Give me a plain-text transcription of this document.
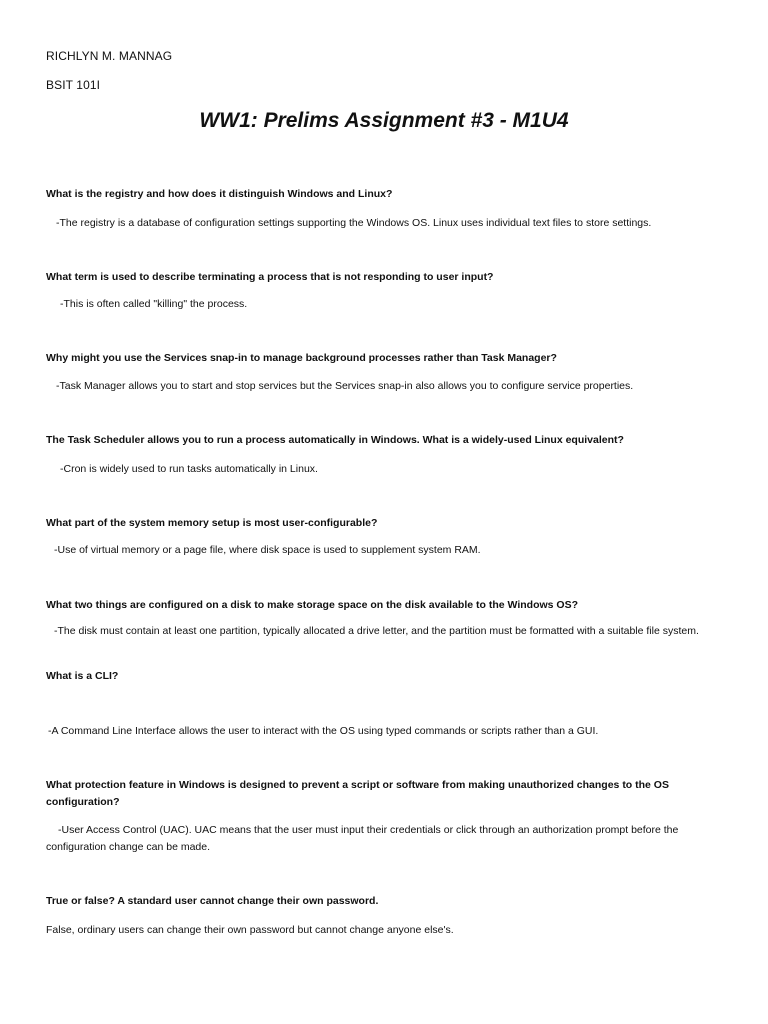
RICHLYN M. MANNAG

BSIT 101I

WW1: Prelims Assignment #3 - M1U4

What is the registry and how does it distinguish Windows and Linux?

-The registry is a database of configuration settings supporting the Windows OS. Linux uses individual text files to store settings.

What term is used to describe terminating a process that is not responding to user input?

-This is often called "killing" the process.

Why might you use the Services snap-in to manage background processes rather than Task Manager?

-Task Manager allows you to start and stop services but the Services snap-in also allows you to configure service properties.

The Task Scheduler allows you to run a process automatically in Windows. What is a widely-used Linux equivalent?

-Cron is widely used to run tasks automatically in Linux.

What part of the system memory setup is most user-configurable?

-Use of virtual memory or a page file, where disk space is used to supplement system RAM.

What two things are configured on a disk to make storage space on the disk available to the Windows OS?

-The disk must contain at least one partition, typically allocated a drive letter, and the partition must be formatted with a suitable file system.

What is a CLI?

-A Command Line Interface allows the user to interact with the OS using typed commands or scripts rather than a GUI.

What protection feature in Windows is designed to prevent a script or software from making unauthorized changes to the OS configuration?

-User Access Control (UAC). UAC means that the user must input their credentials or click through an authorization prompt before the configuration change can be made.

True or false? A standard user cannot change their own password.

False, ordinary users can change their own password but cannot change anyone else's.
